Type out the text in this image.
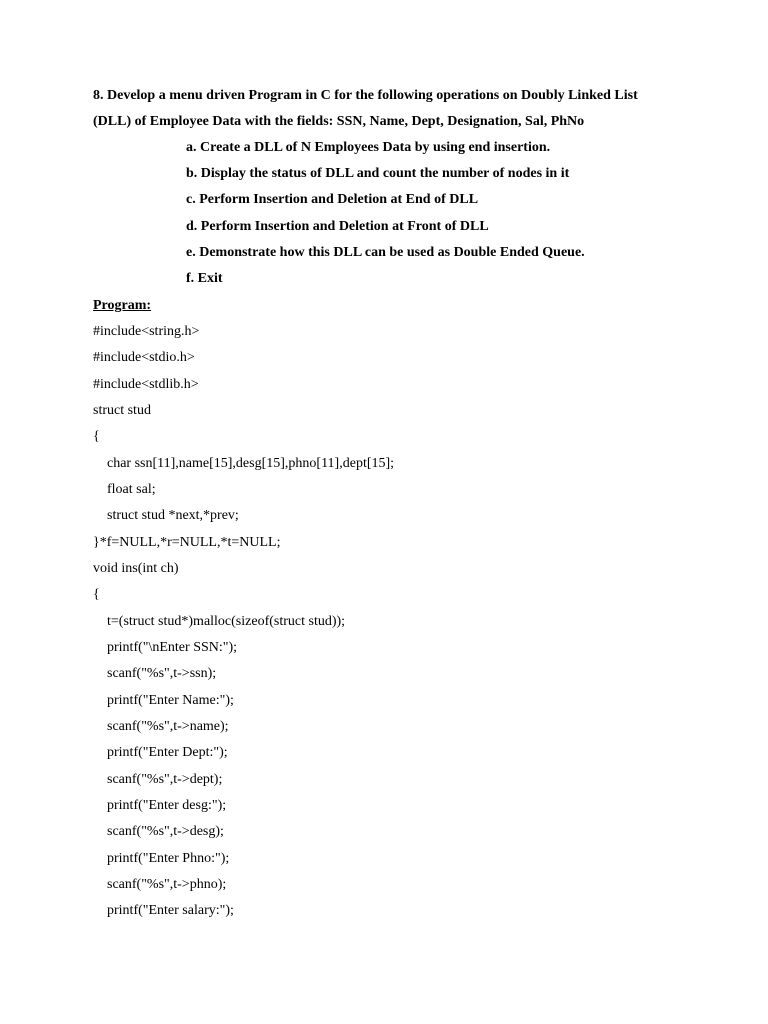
8. Develop a menu driven Program in C for the following operations on Doubly Linked List
(DLL) of Employee Data with the fields: SSN, Name, Dept, Designation, Sal, PhNo
a. Create a DLL of N Employees Data by using end insertion.
b. Display the status of DLL and count the number of nodes in it
c. Perform Insertion and Deletion at End of DLL
d. Perform Insertion and Deletion at Front of DLL
e. Demonstrate how this DLL can be used as Double Ended Queue.
f. Exit
Program:
#include<string.h>
#include<stdio.h>
#include<stdlib.h>
struct stud
{
char ssn[11],name[15],desg[15],phno[11],dept[15];
float sal;
struct stud *next,*prev;
}*f=NULL,*r=NULL,*t=NULL;
void ins(int ch)
{
t=(struct stud*)malloc(sizeof(struct stud));
printf("\nEnter SSN:");
scanf("%s",t->ssn);
printf("Enter Name:");
scanf("%s",t->name);
printf("Enter Dept:");
scanf("%s",t->dept);
printf("Enter desg:");
scanf("%s",t->desg);
printf("Enter Phno:");
scanf("%s",t->phno);
printf("Enter salary:");
